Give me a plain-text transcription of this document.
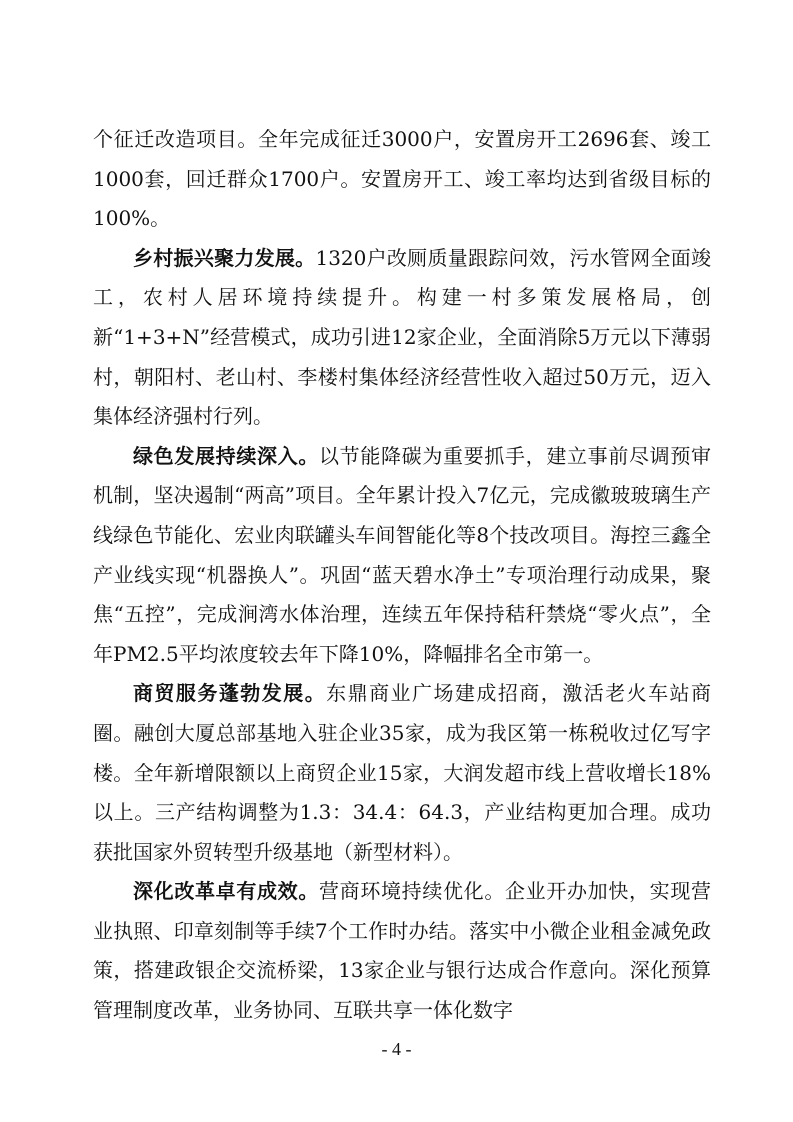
个征迁改造项目。全年完成征迁3000户，安置房开工2696套、竣工1000套，回迁群众1700户。安置房开工、竣工率均达到省级目标的100%。

乡村振兴聚力发展。1320户改厕质量跟踪问效，污水管网全面竣工，农村人居环境持续提升。构建一村多策发展格局，创新“1+3+N”经营模式，成功引进12家企业，全面消除5万元以下薄弱村，朝阳村、老山村、李楼村集体经济经营性收入超过50万元，迈入集体经济强村行列。

绿色发展持续深入。以节能降碳为重要抓手，建立事前尽调预审机制，坚决遏制“两高”项目。全年累计投入7亿元，完成徽玻玻璃生产线绿色节能化、宏业肉联罐头车间智能化等8个技改项目。海控三鑫全产业线实现“机器换人”。巩固“蓝天碧水净土”专项治理行动成果，聚焦“五控”，完成涧湾水体治理，连续五年保持秸秆禁烧“零火点”，全年PM2.5平均浓度较去年下降10%，降幅排名全市第一。

商贸服务蓬勃发展。东鼎商业广场建成招商，激活老火车站商圈。融创大厦总部基地入驻企业35家，成为我区第一栋税收过亿写字楼。全年新增限额以上商贸企业15家，大润发超市线上营收增长18%以上。三产结构调整为1.3：34.4：64.3，产业结构更加合理。成功获批国家外贸转型升级基地（新型材料）。

深化改革卓有成效。营商环境持续优化。企业开办加快，实现营业执照、印章刻制等手续7个工作时办结。落实中小微企业租金减免政策，搭建政银企交流桥梁，13家企业与银行达成合作意向。深化预算管理制度改革，业务协同、互联共享一体化数字

- 4 -
